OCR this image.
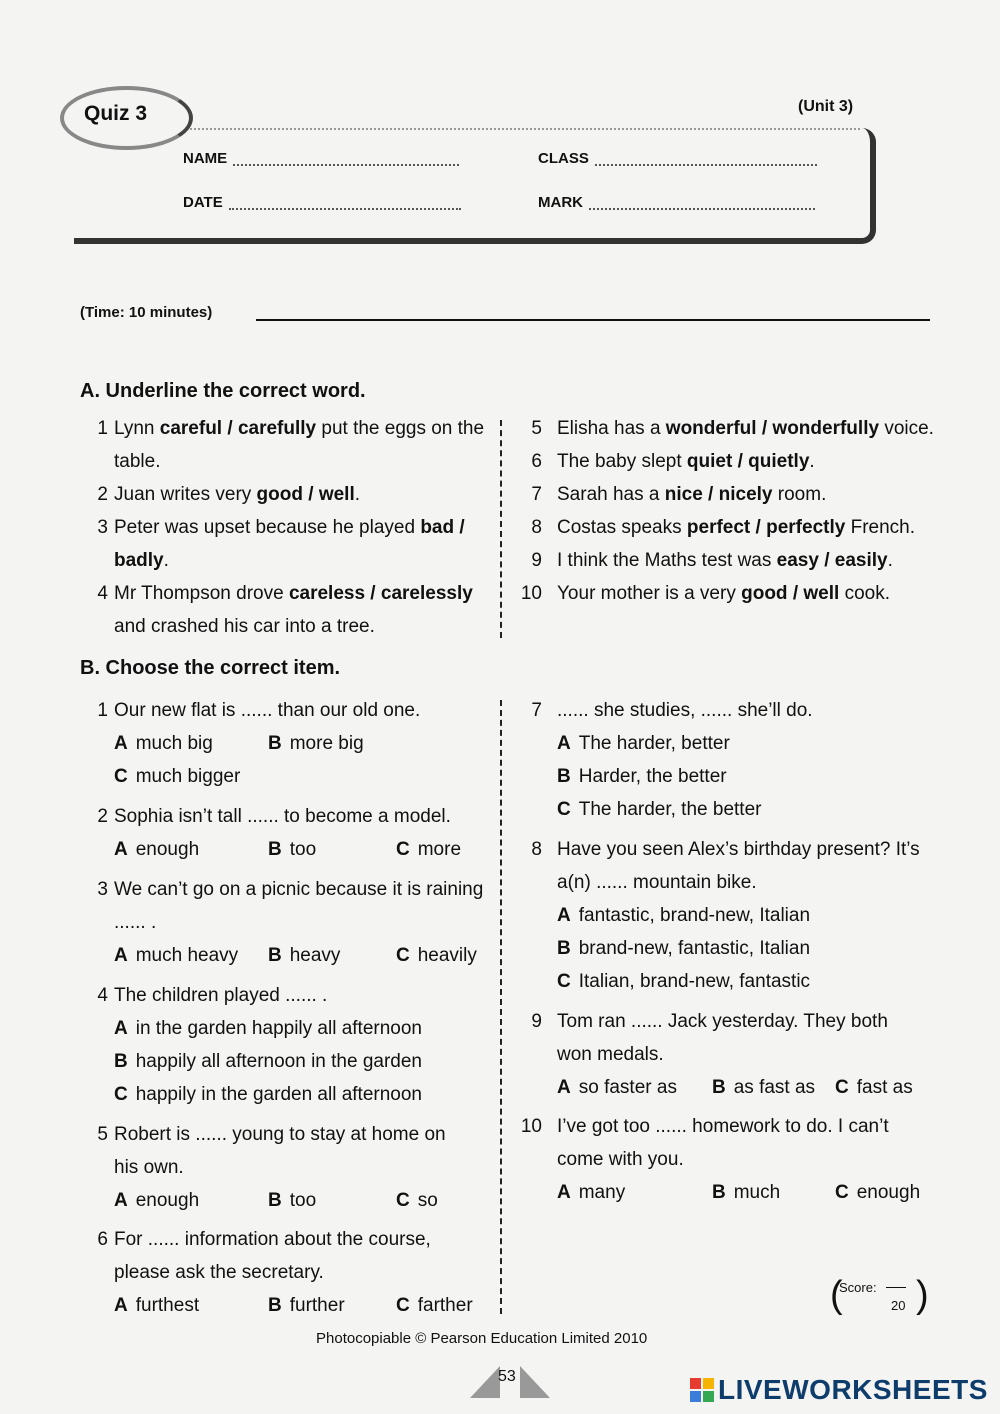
Quiz 3	(Unit 3)
NAME	CLASS
DATE	MARK
(Time: 10 minutes)
A. Underline the correct word.
1 Lynn careful / carefully put the eggs on the
table.
2 Juan writes very good / well.
3 Peter was upset because he played bad /
badly.
4 Mr Thompson drove careless / carelessly
and crashed his car into a tree.
5 Elisha has a wonderful / wonderfully voice.
6 The baby slept quiet / quietly.
7 Sarah has a nice / nicely room.
8 Costas speaks perfect / perfectly French.
9 I think the Maths test was easy / easily.
10 Your mother is a very good / well cook.
B. Choose the correct item.
1 Our new flat is ...... than our old one.
A much big	B more big
C much bigger
2 Sophia isn’t tall ...... to become a model.
A enough	B too	C more
3 We can’t go on a picnic because it is raining
...... .
A much heavy B heavy	C heavily
4 The children played ...... .
A in the garden happily all afternoon
B happily all afternoon in the garden
C happily in the garden all afternoon
5 Robert is ...... young to stay at home on
his own.
A enough	B too	C so
6 For ...... information about the course,
please ask the secretary.
A furthest	B further	C farther
7 ...... she studies, ...... she’ll do.
A The harder, better
B Harder, the better
C The harder, the better
8 Have you seen Alex’s birthday present? It’s
a(n) ...... mountain bike.
A fantastic, brand-new, Italian
B brand-new, fantastic, Italian
C Italian, brand-new, fantastic
9 Tom ran ...... Jack yesterday. They both
won medals.
A so faster as B as fast as C fast as
10 I’ve got too ...... homework to do. I can’t
come with you.
A many	B much	C enough
(
Score:
20 )
Photocopiable © Pearson Education Limited 2010
53	LIVEWORKSHEETS
